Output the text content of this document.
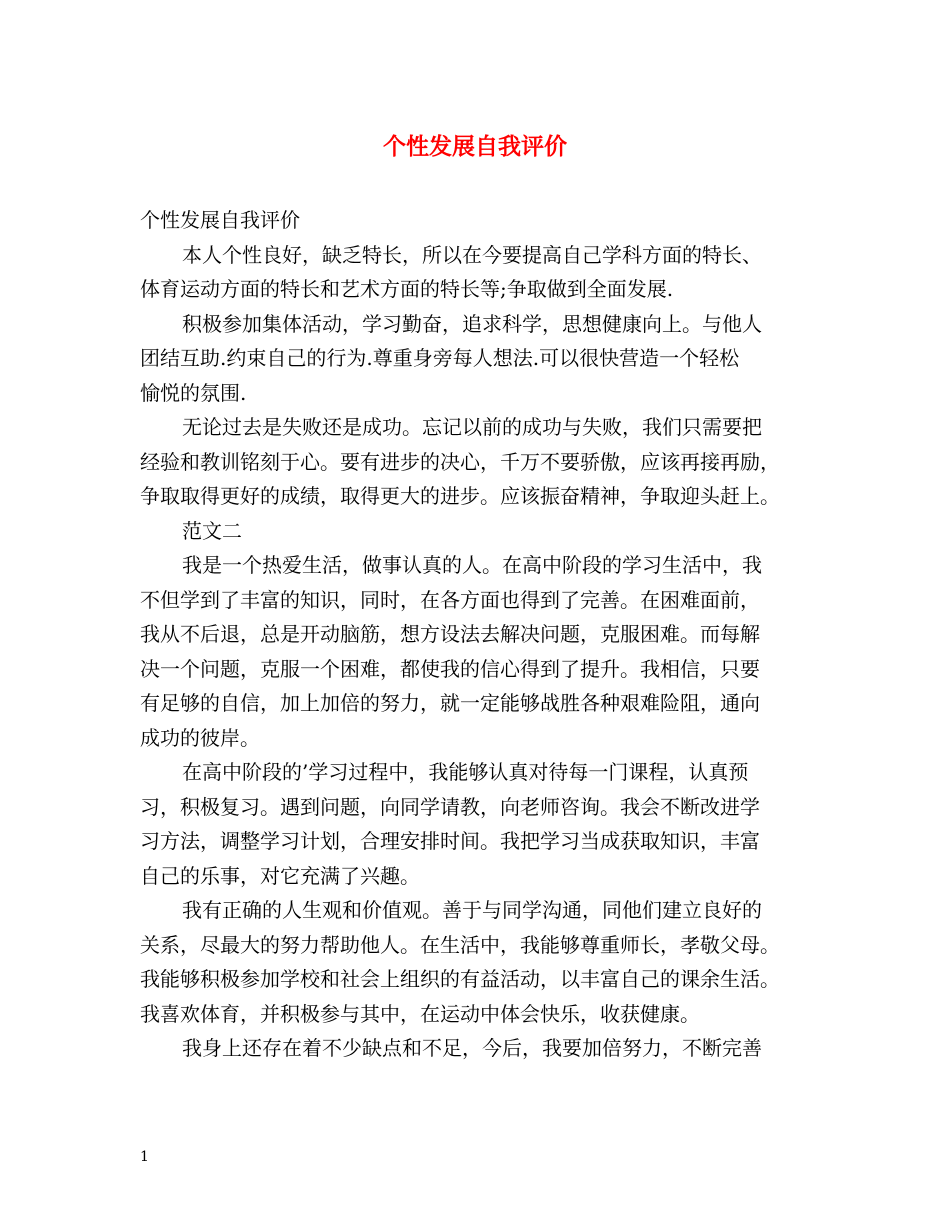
个性发展自我评价
个性发展自我评价
本人个性良好，缺乏特长，所以在今要提高自己学科方面的特长、
体育运动方面的特长和艺术方面的特长等;争取做到全面发展.
积极参加集体活动，学习勤奋，追求科学，思想健康向上。与他人
团结互助.约束自己的行为.尊重身旁每人想法.可以很快营造一个轻松
愉悦的氛围.
无论过去是失败还是成功。忘记以前的成功与失败，我们只需要把
经验和教训铭刻于心。要有进步的决心，千万不要骄傲，应该再接再励，
争取取得更好的成绩，取得更大的进步。应该振奋精神，争取迎头赶上。
范文二
我是一个热爱生活，做事认真的人。在高中阶段的学习生活中，我
不但学到了丰富的知识，同时，在各方面也得到了完善。在困难面前，
我从不后退，总是开动脑筋，想方设法去解决问题，克服困难。而每解
决一个问题，克服一个困难，都使我的信心得到了提升。我相信，只要
有足够的自信，加上加倍的努力，就一定能够战胜各种艰难险阻，通向
成功的彼岸。
在高中阶段的’学习过程中，我能够认真对待每一门课程，认真预
习，积极复习。遇到问题，向同学请教，向老师咨询。我会不断改进学
习方法，调整学习计划，合理安排时间。我把学习当成获取知识，丰富
自己的乐事，对它充满了兴趣。
我有正确的人生观和价值观。善于与同学沟通，同他们建立良好的
关系，尽最大的努力帮助他人。在生活中，我能够尊重师长，孝敬父母。
我能够积极参加学校和社会上组织的有益活动，以丰富自己的课余生活。
我喜欢体育，并积极参与其中，在运动中体会快乐，收获健康。
我身上还存在着不少缺点和不足，今后，我要加倍努力，不断完善
1
